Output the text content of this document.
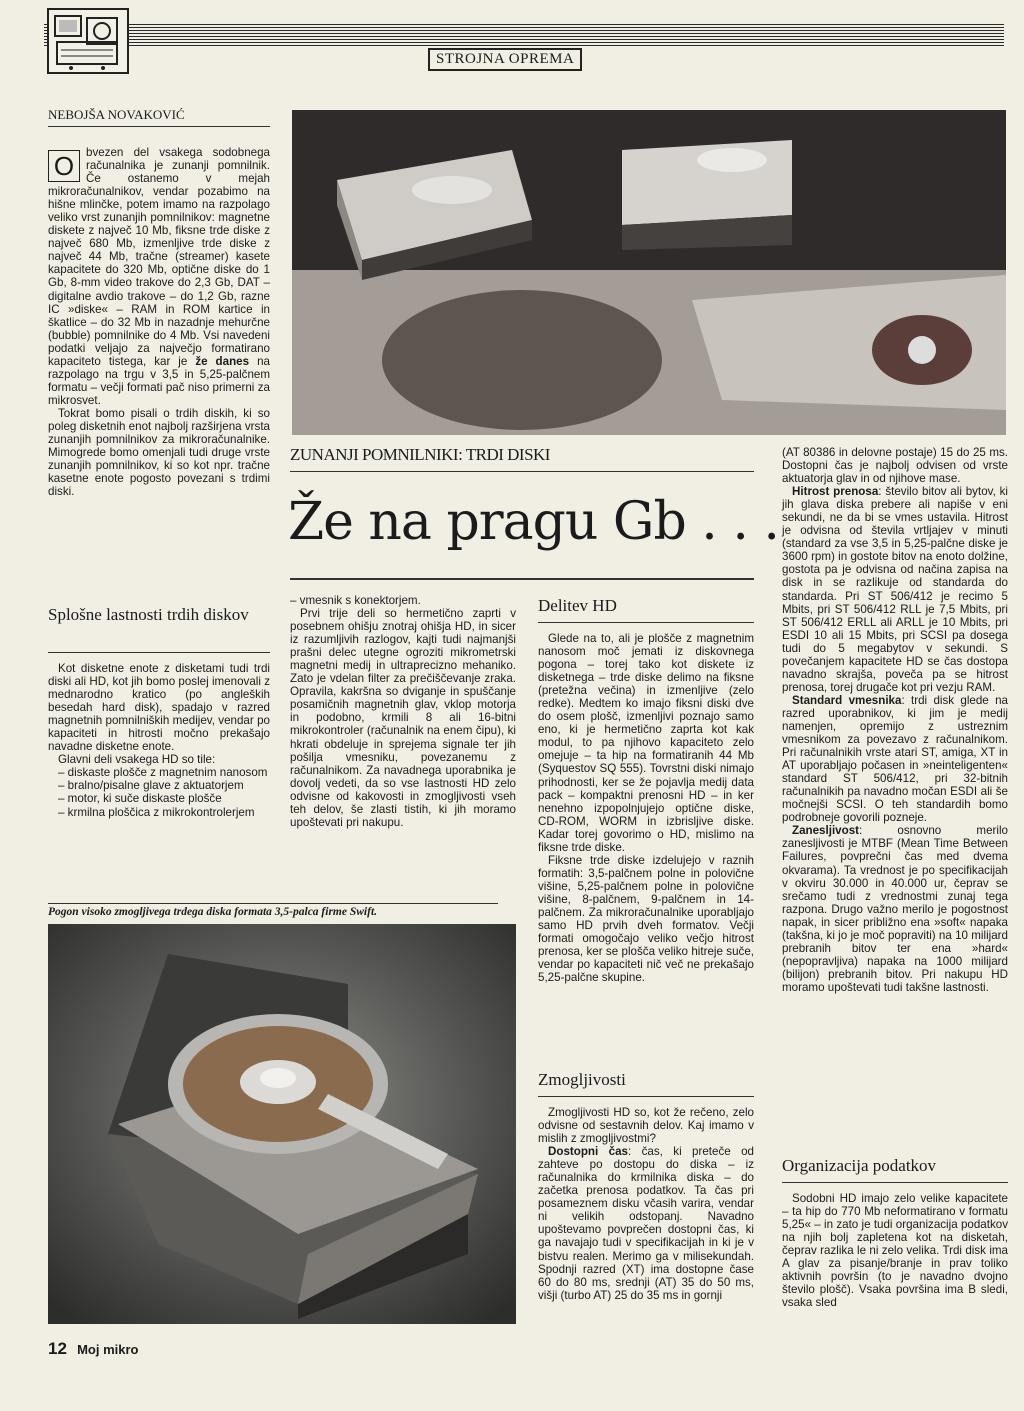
STROJNA OPREMA
NEBOJŠA NOVAKOVIĆ

O	bvezen del vsakega sodobnega računalnika je zunanji pomnilnik. Če ostanemo v mejah mikroračunalnikov, vendar pozabimo na hišne mlinčke, potem imamo na razpolago veliko vrst zunanjih pomnilnikov: magnetne diskete z največ 10 Mb, fiksne trde diske z največ 680 Mb, izmenljive trde diske z največ 44 Mb, tračne (streamer) kasete kapacitete do 320 Mb, optične diske do 1 Gb, 8-mm video trakove do 2,3 Gb, DAT – digitalne avdio trakove – do 1,2 Gb, razne IC »diske« – RAM in ROM kartice in škatlice – do 32 Mb in nazadnje mehurčne (bubble) pomnilnike do 4 Mb. Vsi navedeni podatki veljajo za največjo formatirano kapaciteto tistega, kar je že danes na razpolago na trgu v 3,5 in 5,25-palčnem formatu – večji formati pač niso primerni za mikrosvet.

Tokrat bomo pisali o trdih diskih, ki so poleg disketnih enot najbolj razširjena vrsta zunanjih pomnilnikov za mikroračunalnike. Mimogrede bomo omenjali tudi druge vrste zunanjih pomnilnikov, ki so kot npr. tračne kasetne enote pogosto povezani s trdimi diski.

Splošne lastnosti trdih diskov

Kot disketne enote z disketami tudi trdi diski ali HD, kot jih bomo poslej imenovali z mednarodno kratico (po angleških besedah hard disk), spadajo v razred magnetnih pomnilniških medijev, vendar po kapaciteti in hitrosti močno prekašajo navadne disketne enote.

Glavni deli vsakega HD so tile:

– diskaste plošče z magnetnim nanosom

– bralno/pisalne glave z aktuatorjem

– motor, ki suče diskaste plošče

– krmilna ploščica z mikrokontrolerjem

ZUNANJI POMNILNIKI: TRDI DISKI
Že na pragu Gb . . .

– vmesnik s konektorjem.

Prvi trije deli so hermetično zaprti v posebnem ohišju znotraj ohišja HD, in sicer iz razumljivih razlogov, kajti tudi najmanjši prašni delec utegne ogroziti mikrometrski magnetni medij in ultraprecizno mehaniko. Zato je vdelan filter za prečiščevanje zraka. Opravila, kakršna so dviganje in spuščanje posamičnih magnetnih glav, vklop motorja in podobno, krmili 8 ali 16-bitni mikrokontroler (računalnik na enem čipu), ki hkrati obdeluje in sprejema signale ter jih pošilja vmesniku, povezanemu z računalnikom. Za navadnega uporabnika je dovolj vedeti, da so vse lastnosti HD zelo odvisne od kakovosti in zmogljivosti vseh teh delov, še zlasti tistih, ki jih moramo upoštevati pri nakupu.

Delitev HD

Glede na to, ali je plošče z magnetnim nanosom moč jemati iz diskovnega pogona – torej tako kot diskete iz disketnega – trde diske delimo na fiksne (pretežna večina) in izmenljive (zelo redke). Medtem ko imajo fiksni diski dve do osem plošč, izmenljivi poznajo samo eno, ki je hermetično zaprta kot kak modul, to pa njihovo kapaciteto zelo omejuje – ta hip na formatiranih 44 Mb (Syquestov SQ 555). Tovrstni diski nimajo prihodnosti, ker se že pojavlja medij data pack – kompaktni prenosni HD – in ker nenehno izpopolnjujejo optične diske, CD-ROM, WORM in izbrisljive diske. Kadar torej govorimo o HD, mislimo na fiksne trde diske.

Fiksne trde diske izdelujejo v raznih formatih: 3,5-palčnem polne in polovične višine, 5,25-palčnem polne in polovične višine, 8-palčnem, 9-palčnem in 14-palčnem. Za mikroračunalnike uporabljajo samo HD prvih dveh formatov. Večji formati omogočajo veliko večjo hitrost prenosa, ker se plošča veliko hitreje suče, vendar po kapaciteti nič več ne prekašajo 5,25-palčne skupine.

Zmogljivosti

Zmogljivosti HD so, kot že rečeno, zelo odvisne od sestavnih delov. Kaj imamo v mislih z zmogljivostmi?

Dostopni čas: čas, ki preteče od zahteve po dostopu do diska – iz računalnika do krmilnika diska – do začetka prenosa podatkov. Ta čas pri posameznem disku včasih varira, vendar ni velikih odstopanj. Navadno upoštevamo povprečen dostopni čas, ki ga navajajo tudi v specifikacijah in ki je v bistvu realen. Merimo ga v milisekundah. Spodnji razred (XT) ima dostopne čase 60 do 80 ms, srednji (AT) 35 do 50 ms, višji (turbo AT) 25 do 35 ms in gornji

(AT 80386 in delovne postaje) 15 do 25 ms. Dostopni čas je najbolj odvisen od vrste aktuatorja glav in od njihove mase.

Hitrost prenosa: število bitov ali bytov, ki jih glava diska prebere ali napiše v eni sekundi, ne da bi se vmes ustavila. Hitrost je odvisna od števila vrtljajev v minuti (standard za vse 3,5 in 5,25-palčne diske je 3600 rpm) in gostote bitov na enoto dolžine, gostota pa je odvisna od načina zapisa na disk in se razlikuje od standarda do standarda. Pri ST 506/412 je recimo 5 Mbits, pri ST 506/412 RLL je 7,5 Mbits, pri ST 506/412 ERLL ali ARLL je 10 Mbits, pri ESDI 10 ali 15 Mbits, pri SCSI pa dosega tudi do 5 megabytov v sekundi. S povečanjem kapacitete HD se čas dostopa navadno skrajša, poveča pa se hitrost prenosa, torej drugače kot pri vezju RAM.

Standard vmesnika: trdi disk glede na razred uporabnikov, ki jim je medij namenjen, opremijo z ustreznim vmesnikom za povezavo z računalnikom. Pri računalnikih vrste atari ST, amiga, XT in AT uporabljajo počasen in »neinteligenten« standard ST 506/412, pri 32-bitnih računalnikih pa navadno močan ESDI ali še močnejši SCSI. O teh standardih bomo podrobneje govorili pozneje.

Zanesljivost: osnovno merilo zanesljivosti je MTBF (Mean Time Between Failures, povprečni čas med dvema okvarama). Ta vrednost je po specifikacijah v okviru 30.000 in 40.000 ur, čeprav se srečamo tudi z vrednostmi zunaj tega razpona. Drugo važno merilo je pogostnost napak, in sicer približno ena »soft« napaka (takšna, ki jo je moč popraviti) na 10 milijard prebranih bitov ter ena »hard« (nepopravljiva) napaka na 1000 milijard (bilijon) prebranih bitov. Pri nakupu HD moramo upoštevati tudi takšne lastnosti.

Organizacija podatkov

Sodobni HD imajo zelo velike kapacitete – ta hip do 770 Mb neformatirano v formatu 5,25« – in zato je tudi organizacija podatkov na njih bolj zapletena kot na disketah, čeprav razlika le ni zelo velika. Trdi disk ima A glav za pisanje/branje in prav toliko aktivnih površin (to je navadno dvojno število plošč). Vsaka površina ima B sledi, vsaka sled

Pogon visoko zmogljivega trdega diska formata 3,5-palca firme Swift.
12 Moj mikro
